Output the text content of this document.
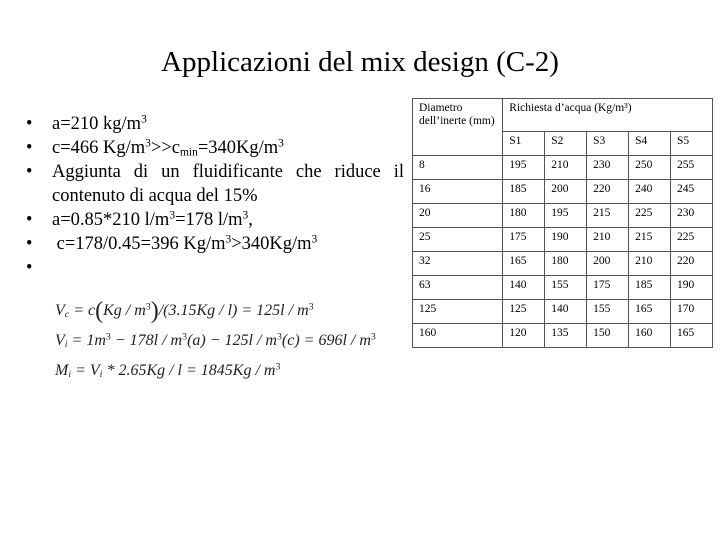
Applicazioni del mix design (C-2)
• a=210 $kg/m^3$
• c=466 $Kg/m^3>>c_{min}=340Kg/m^3$
• Aggiunta di un fluidificante che riduce il contenuto di acqua del 15%
• a=0.85*210 $l/m^3=178$ $l/m^3$,
•  c=178/0.45=396 $Kg/m^3>340Kg/m^3$
•
$V_c = c(Kg / m^3)/(3.15Kg / l) = 125l / m^3$
$V_i = 1m^3 - 178l / m^3(a) - 125l / m^3(c) = 696l / m^3$
$M_i = V_i * 2.65Kg / l = 1845Kg / m^3$
Diametro dell’inerte (mm)	Richiesta d’acqua (Kg/m³)				
	S1	S2	S3	S4	S5
8	195	210	230	250	255
16	185	200	220	240	245
20	180	195	215	225	230
25	175	190	210	215	225
32	165	180	200	210	220
63	140	155	175	185	190
125	125	140	155	165	170
160	120	135	150	160	165
